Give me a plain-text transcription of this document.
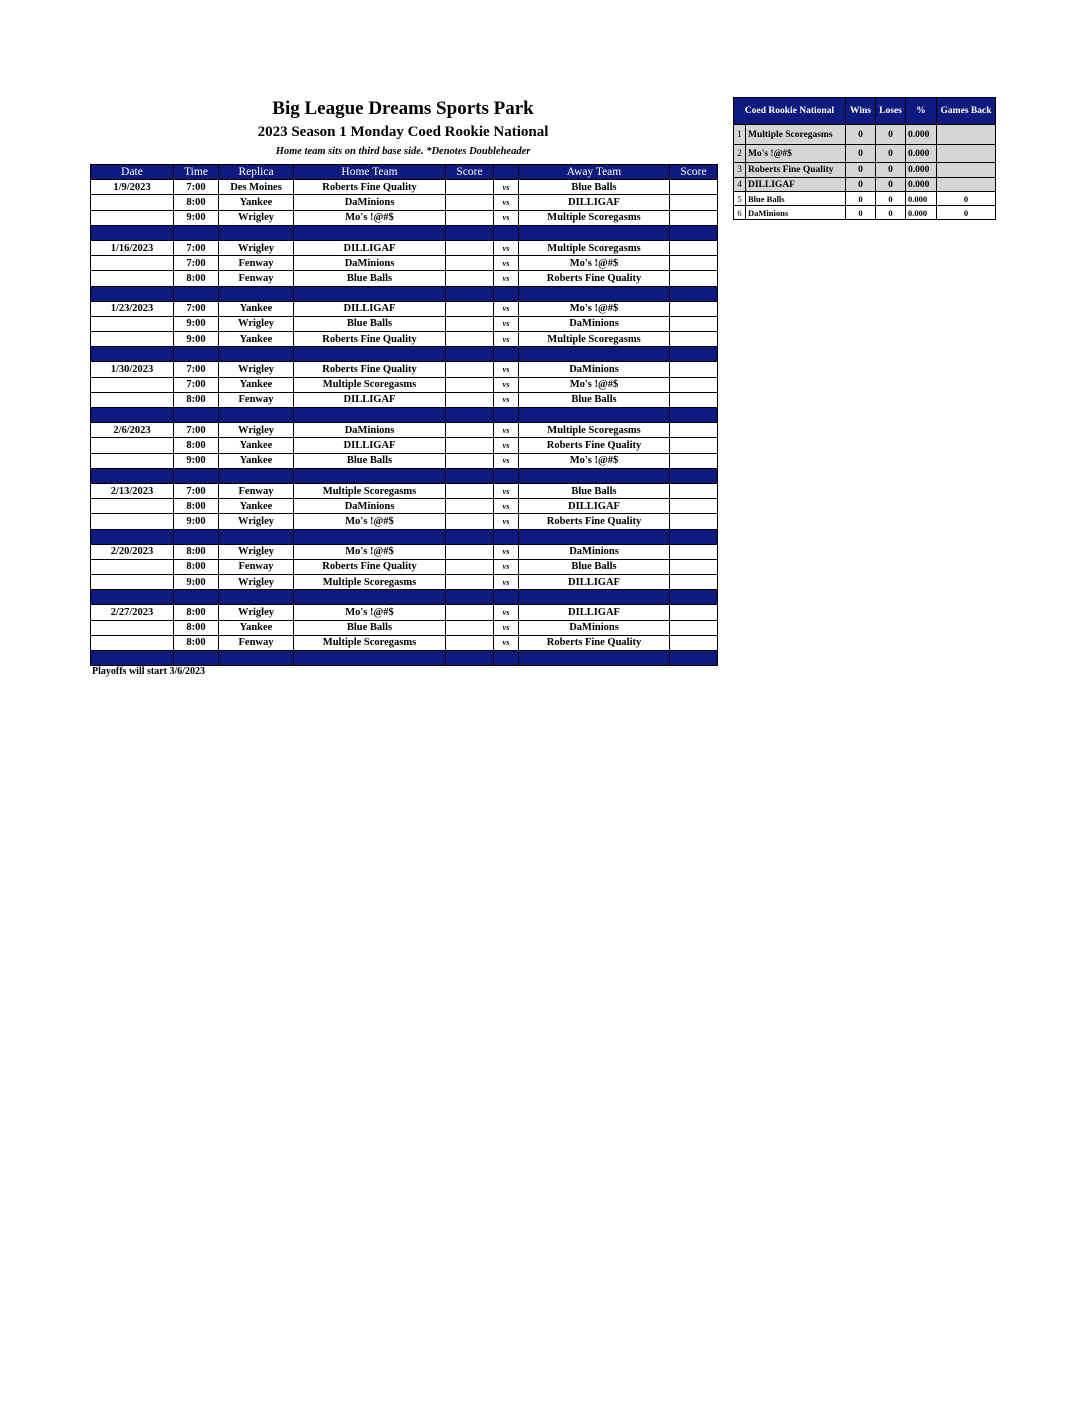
Big League Dreams Sports Park
2023 Season 1 Monday Coed Rookie National
Home team sits on third base side. *Denotes Doubleheader
Date	Time	Replica	Home Team	Score		Away Team	Score
1/9/2023	7:00	Des Moines	Roberts Fine Quality		vs	Blue Balls	
	8:00	Yankee	DaMinions		vs	DILLIGAF	
	9:00	Wrigley	Mo's !@#$		vs	Multiple Scoregasms	

1/16/2023	7:00	Wrigley	DILLIGAF		vs	Multiple Scoregasms	
	7:00	Fenway	DaMinions		vs	Mo's !@#$	
	8:00	Fenway	Blue Balls		vs	Roberts Fine Quality	

1/23/2023	7:00	Yankee	DILLIGAF		vs	Mo's !@#$	
	9:00	Wrigley	Blue Balls		vs	DaMinions	
	9:00	Yankee	Roberts Fine Quality		vs	Multiple Scoregasms	

1/30/2023	7:00	Wrigley	Roberts Fine Quality		vs	DaMinions	
	7:00	Yankee	Multiple Scoregasms		vs	Mo's !@#$	
	8:00	Fenway	DILLIGAF		vs	Blue Balls	

2/6/2023	7:00	Wrigley	DaMinions		vs	Multiple Scoregasms	
	8:00	Yankee	DILLIGAF		vs	Roberts Fine Quality	
	9:00	Yankee	Blue Balls		vs	Mo's !@#$	

2/13/2023	7:00	Fenway	Multiple Scoregasms		vs	Blue Balls	
	8:00	Yankee	DaMinions		vs	DILLIGAF	
	9:00	Wrigley	Mo's !@#$		vs	Roberts Fine Quality	

2/20/2023	8:00	Wrigley	Mo's !@#$		vs	DaMinions	
	8:00	Fenway	Roberts Fine Quality		vs	Blue Balls	
	9:00	Wrigley	Multiple Scoregasms		vs	DILLIGAF	

2/27/2023	8:00	Wrigley	Mo's !@#$		vs	DILLIGAF	
	8:00	Yankee	Blue Balls		vs	DaMinions	
	8:00	Fenway	Multiple Scoregasms		vs	Roberts Fine Quality	

Playoffs will start 3/6/2023
Coed Rookie National		Wins	Loses	%	Games Back
1	Multiple Scoregasms	0	0	0.000	
2	Mo's !@#$	0	0	0.000	
3	Roberts Fine Quality	0	0	0.000	
4	DILLIGAF	0	0	0.000	
5	Blue Balls	0	0	0.000	0
6	DaMinions	0	0	0.000	0
